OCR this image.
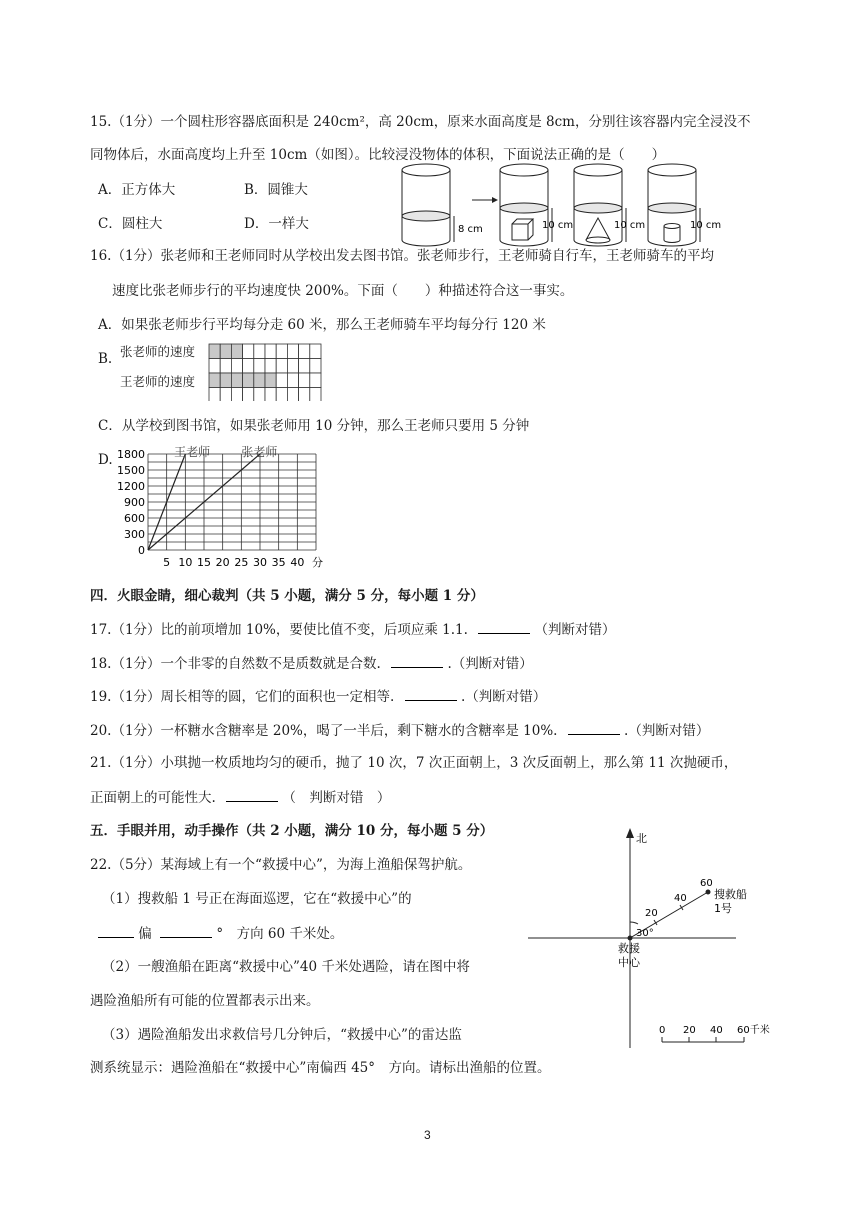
15.（1分）一个圆柱形容器底面积是 240cm²，高 20cm，原来水面高度是 8cm，分别往该容器内完全浸没不
同物体后，水面高度均上升至 10cm（如图）。比较浸没物体的体积，下面说法正确的是（　　）
A．正方体大	B．圆锥大
C．圆柱大	D．一样大	8 cm	10 cm	10 cm	10 cm
16.（1分）张老师和王老师同时从学校出发去图书馆。张老师步行，王老师骑自行车，王老师骑车的平均
速度比张老师步行的平均速度快 200%。下面（　　）种描述符合这一事实。
A．如果张老师步行平均每分走 60 米，那么王老师骑车平均每分行 120 米
B. 张老师的速度
王老师的速度
C．从学校到图书馆，如果张老师用 10 分钟，那么王老师只要用 5 分钟
D.
0
300
600
900
1200
1500
1800
5 10 15 20 25 30 35 40 分
王老师	张老师
四．火眼金睛，细心裁判（共 5 小题，满分 5 分，每小题 1 分）
17.（1分）比的前项增加 10%，要使比值不变，后项应乘 1.1.	（判断对错）
18.（1分）一个非零的自然数不是质数就是合数.	.（判断对错）
19.（1分）周长相等的圆，它们的面积也一定相等.	.（判断对错）
20.（1分）一杯糖水含糖率是 20%，喝了一半后，剩下糖水的含糖率是 10%.	.（判断对错）
21.（1分）小琪抛一枚质地均匀的硬币，抛了 10 次，7 次正面朝上，3 次反面朝上，那么第 11 次抛硬币，
正面朝上的可能性大.	（　判断对错　）
五．手眼并用，动手操作（共 2 小题，满分 10 分，每小题 5 分）
22.（5分）某海域上有一个“救援中心”，为海上渔船保驾护航。
（1）搜救船 1 号正在海面巡逻，它在“救援中心”的
偏	°　方向 60 千米处。
（2）一艘渔船在距离“救援中心”40 千米处遇险，请在图中将
遇险渔船所有可能的位置都表示出来。
（3）遇险渔船发出求救信号几分钟后，“救援中心”的雷达监
测系统显示：遇险渔船在“救援中心”南偏西 45°　方向。请标出渔船的位置。
北
20
40
60
30°
搜救船
1号
救援
中心
0 20 40 60千米
3
